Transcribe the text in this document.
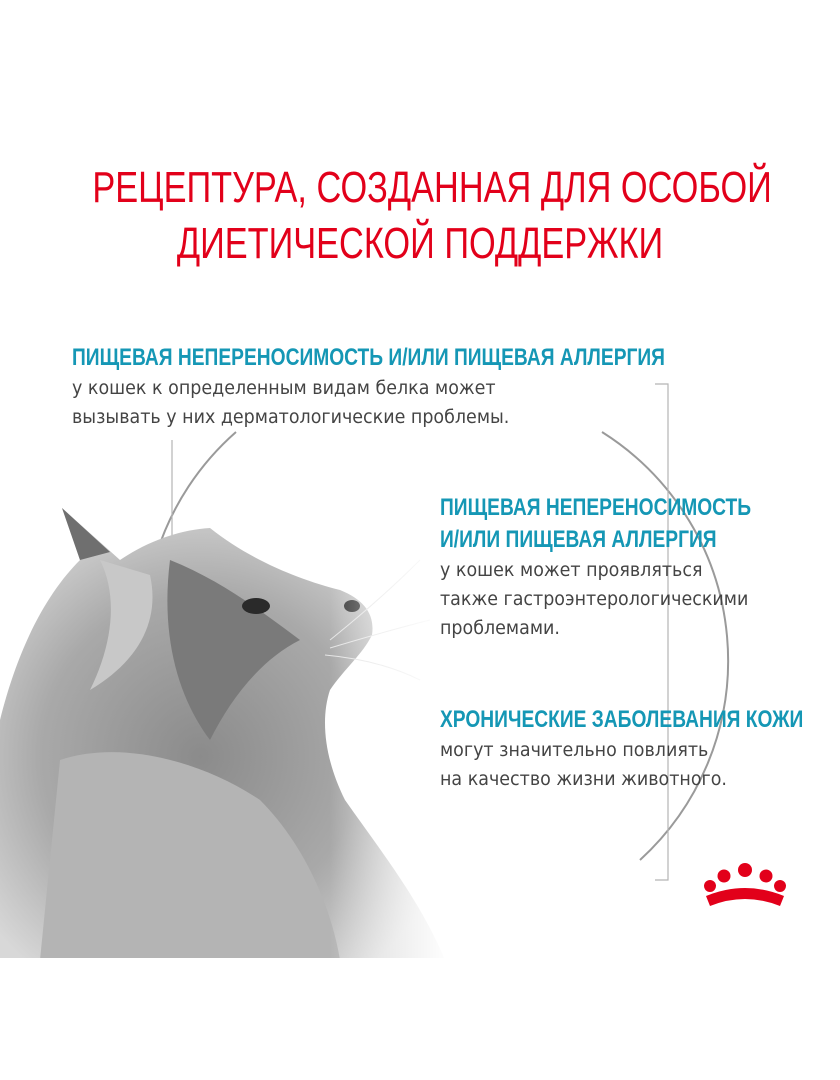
РЕЦЕПТУРА, СОЗДАННАЯ ДЛЯ ОСОБОЙ
ДИЕТИЧЕСКОЙ ПОДДЕРЖКИ
ПИЩЕВАЯ НЕПЕРЕНОСИМОСТЬ И/ИЛИ ПИЩЕВАЯ АЛЛЕРГИЯ
у кошек к определенным видам белка может
вызывать у них дерматологические проблемы.
ПИЩЕВАЯ НЕПЕРЕНОСИМОСТЬ
И/ИЛИ ПИЩЕВАЯ АЛЛЕРГИЯ
у кошек может проявляться
также гастроэнтерологическими
проблемами.
ХРОНИЧЕСКИЕ ЗАБОЛЕВАНИЯ КОЖИ
могут значительно повлиять
на качество жизни животного.
